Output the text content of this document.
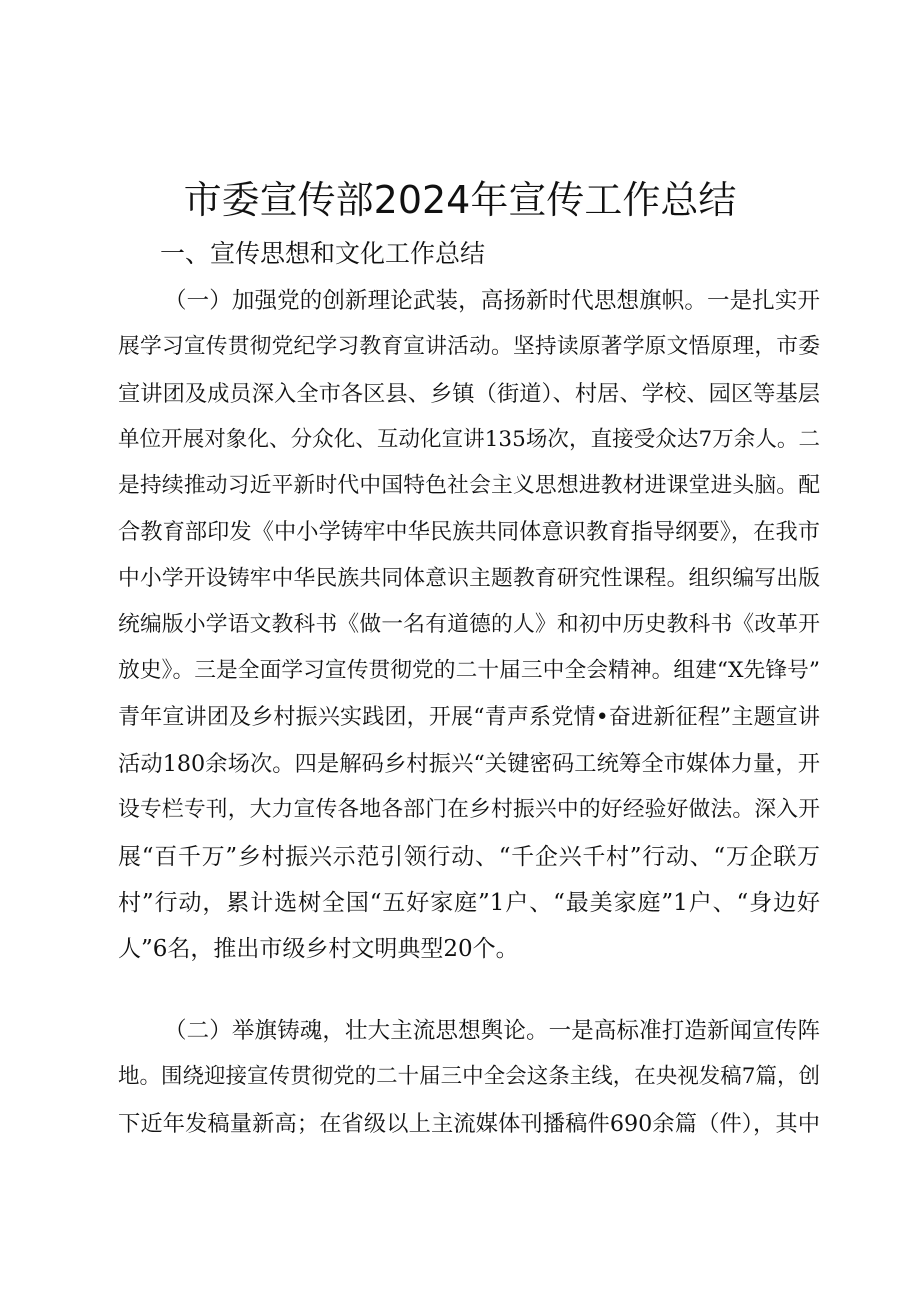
市委宣传部2024年宣传工作总结
一、宣传思想和文化工作总结
（一）加强党的创新理论武装，高扬新时代思想旗帜。一是扎实开
展学习宣传贯彻党纪学习教育宣讲活动。坚持读原著学原文悟原理，市委
宣讲团及成员深入全市各区县、乡镇（街道）、村居、学校、园区等基层
单位开展对象化、分众化、互动化宣讲135场次，直接受众达7万余人。二
是持续推动习近平新时代中国特色社会主义思想进教材进课堂进头脑。配
合教育部印发《中小学铸牢中华民族共同体意识教育指导纲要》，在我市
中小学开设铸牢中华民族共同体意识主题教育研究性课程。组织编写出版
统编版小学语文教科书《做一名有道德的人》和初中历史教科书《改革开
放史》。三是全面学习宣传贯彻党的二十届三中全会精神。组建“X先锋号”
青年宣讲团及乡村振兴实践团，开展“青声系党情•奋进新征程”主题宣讲
活动180余场次。四是解码乡村振兴“关键密码工统筹全市媒体力量，开
设专栏专刊，大力宣传各地各部门在乡村振兴中的好经验好做法。深入开
展“百千万”乡村振兴示范引领行动、“千企兴千村”行动、“万企联万
村”行动，累计选树全国“五好家庭”1户、“最美家庭”1户、“身边好
人”6名，推出市级乡村文明典型20个。
（二）举旗铸魂，壮大主流思想舆论。一是高标准打造新闻宣传阵
地。围绕迎接宣传贯彻党的二十届三中全会这条主线，在央视发稿7篇，创
下近年发稿量新高；在省级以上主流媒体刊播稿件690余篇（件），其中
